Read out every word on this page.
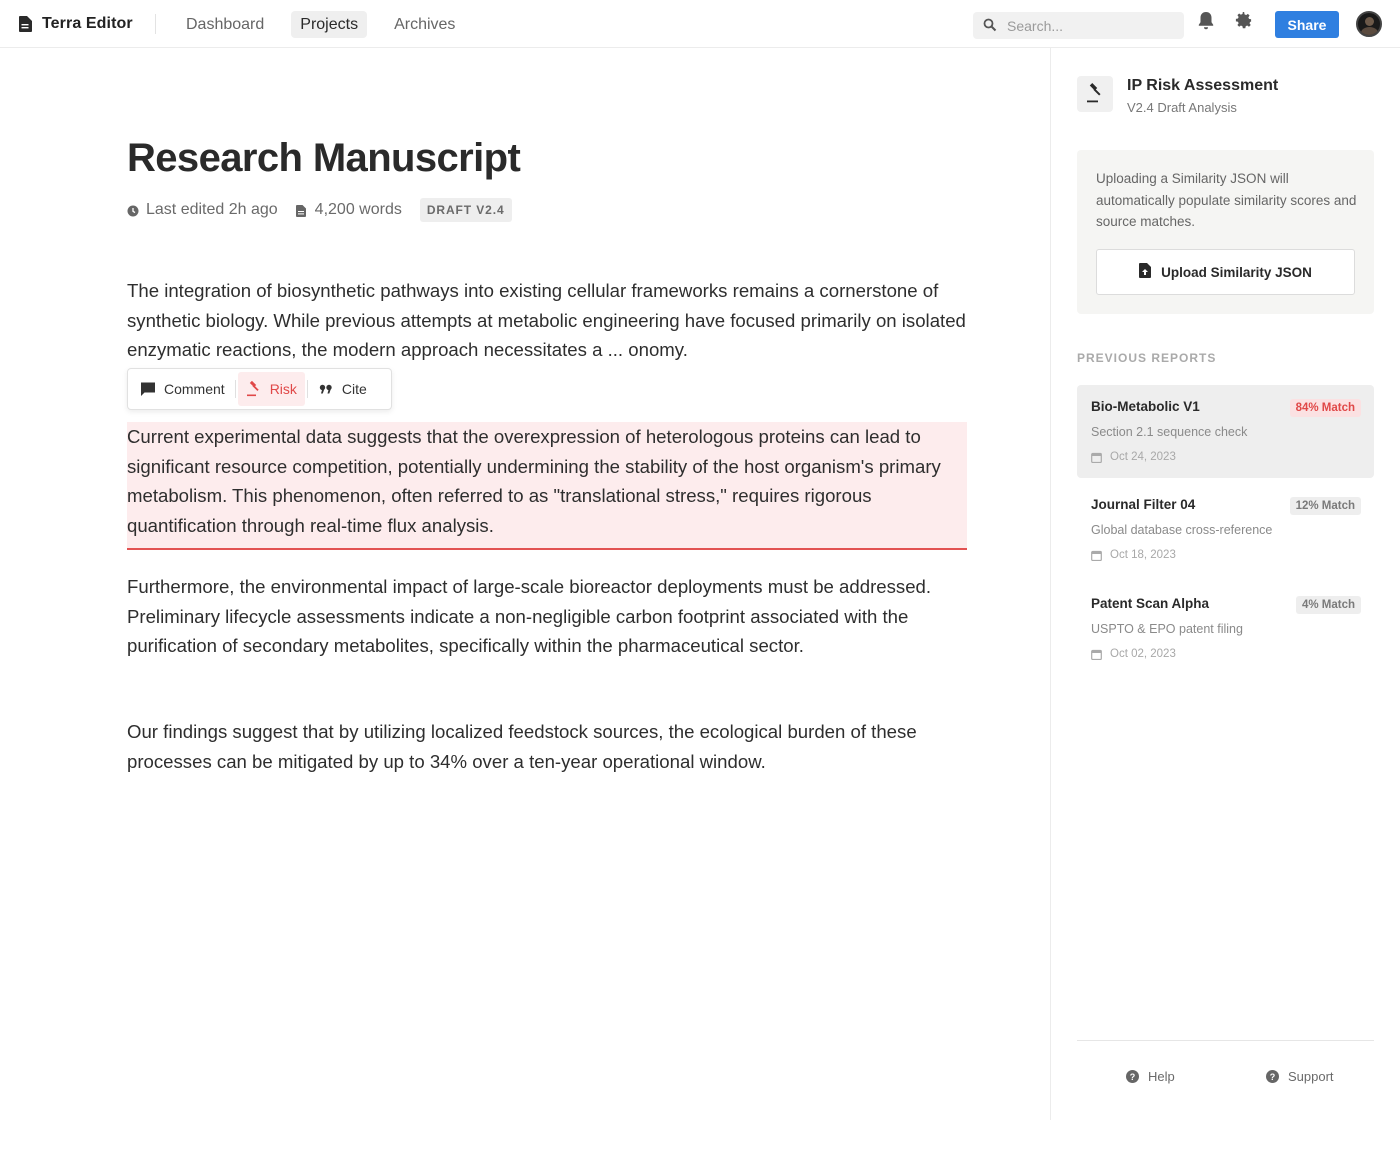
Terra Editor	Dashboard	Projects	Archives
Search...	Share
Research Manuscript
Last edited 2h ago 4,200 words	DRAFT V2.4

The integration of biosynthetic pathways into existing cellular frameworks remains a cornerstone of synthetic biology. While previous attempts at metabolic engineering have focused primarily on isolated enzymatic reactions, the modern approach necessitates a ... onomy.

Comment	Risk	Cite

Current experimental data suggests that the overexpression of heterologous proteins can lead to significant resource competition, potentially undermining the stability of the host organism's primary metabolism. This phenomenon, often referred to as "translational stress," requires rigorous quantification through real-time flux analysis.

Furthermore, the environmental impact of large-scale bioreactor deployments must be addressed. Preliminary lifecycle assessments indicate a non-negligible carbon footprint associated with the purification of secondary metabolites, specifically within the pharmaceutical sector.

Our findings suggest that by utilizing localized feedstock sources, the ecological burden of these processes can be mitigated by up to 34% over a ten-year operational window.

IP Risk Assessment
V2.4 Draft Analysis
Uploading a Similarity JSON will automatically populate similarity scores and source matches.
Upload Similarity JSON
PREVIOUS REPORTS
Bio-Metabolic V1	84% Match
Section 2.1 sequence check
Oct 24, 2023
Journal Filter 04	12% Match
Global database cross-reference
Oct 18, 2023
Patent Scan Alpha	4% Match
USPTO & EPO patent filing
Oct 02, 2023
? Help	? Support
